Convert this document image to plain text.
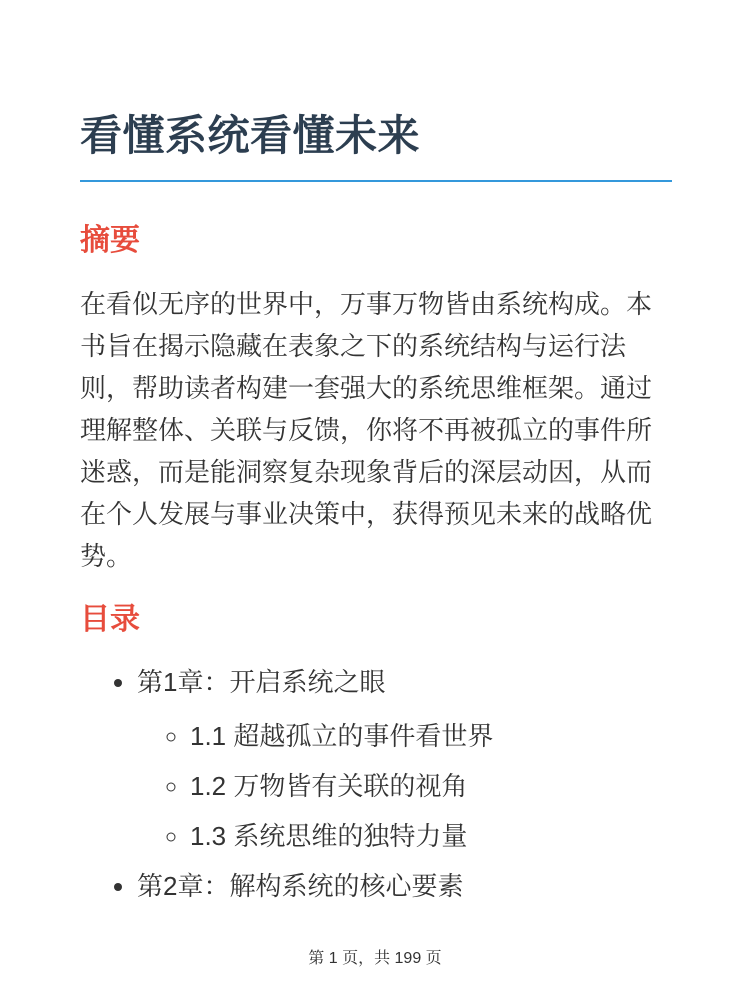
看懂系统看懂未来
摘要

在看似无序的世界中，万事万物皆由系统构成。本书旨在揭示隐藏在表象之下的系统结构与运行法则，帮助读者构建一套强大的系统思维框架。通过理解整体、关联与反馈，你将不再被孤立的事件所迷惑，而是能洞察复杂现象背后的深层动因，从而在个人发展与事业决策中，获得预见未来的战略优势。

目录
• 第1章：开启系统之眼
◦ 1.1 超越孤立的事件看世界
◦ 1.2 万物皆有关联的视角
◦ 1.3 系统思维的独特力量
• 第2章：解构系统的核心要素
第 1 页，共 199 页
